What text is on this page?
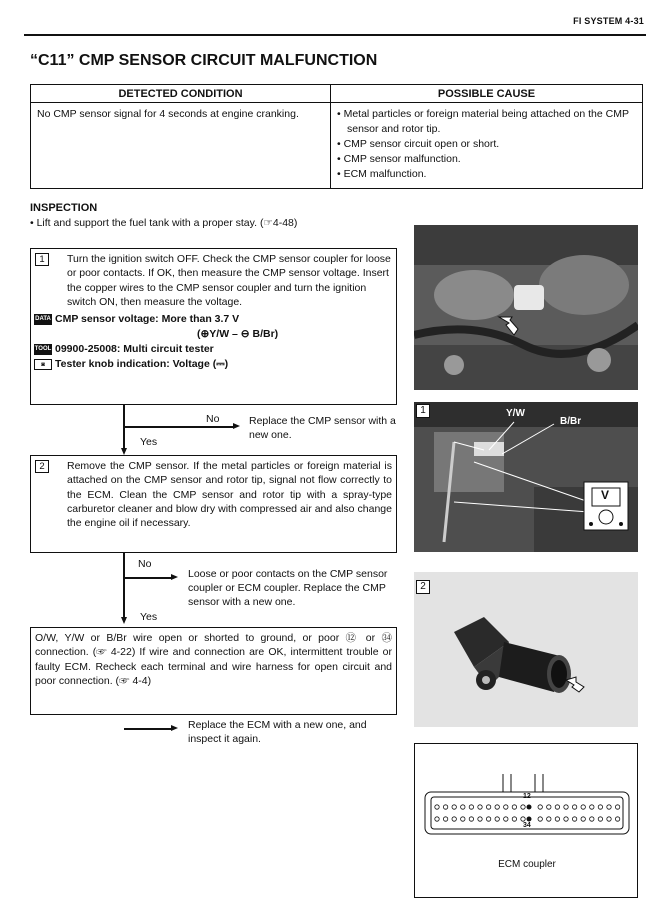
FI SYSTEM 4-31
“C11” CMP SENSOR CIRCUIT MALFUNCTION
DETECTED CONDITION	POSSIBLE CAUSE
No CMP sensor signal for 4 seconds at engine cranking.	• Metal particles or foreign material being attached on the CMP sensor and rotor tip.
• CMP sensor circuit open or short.
• CMP sensor malfunction.
• ECM malfunction.
INSPECTION
• Lift and support the fuel tank with a proper stay. (☞4-48)
1	Turn the ignition switch OFF. Check the CMP sensor coupler for loose or poor contacts. If OK, then measure the CMP sensor voltage. Insert the copper wires to the CMP sensor coupler and turn the ignition switch ON, then measure the voltage.
DATA CMP sensor voltage: More than 3.7 V
(⊕Y/W – ⊖ B/Br)
TOOL 09900-25008: Multi circuit tester
◙ Tester knob indication: Voltage (⎓)
No	Replace the CMP sensor with a new one.
Yes
2	Remove the CMP sensor. If the metal particles or foreign material is attached on the CMP sensor and rotor tip, signal not flow correctly to the ECM. Clean the CMP sensor and rotor tip with a spray-type carburetor cleaner and blow dry with compressed air and also change the engine oil if necessary.
No
Loose or poor contacts on the CMP sensor coupler or ECM coupler. Replace the CMP sensor with a new one.
Yes
O/W, Y/W or B/Br wire open or shorted to ground, or poor ⑫ or ㉞ connection. (☞ 4-22) If wire and connection are OK, intermittent trouble or faulty ECM. Recheck each terminal and wire harness for open circuit and poor connection. (☞ 4-4)
Replace the ECM with a new one, and inspect it again.
1	Y/W
B/Br
V
2
12
34
ECM coupler
